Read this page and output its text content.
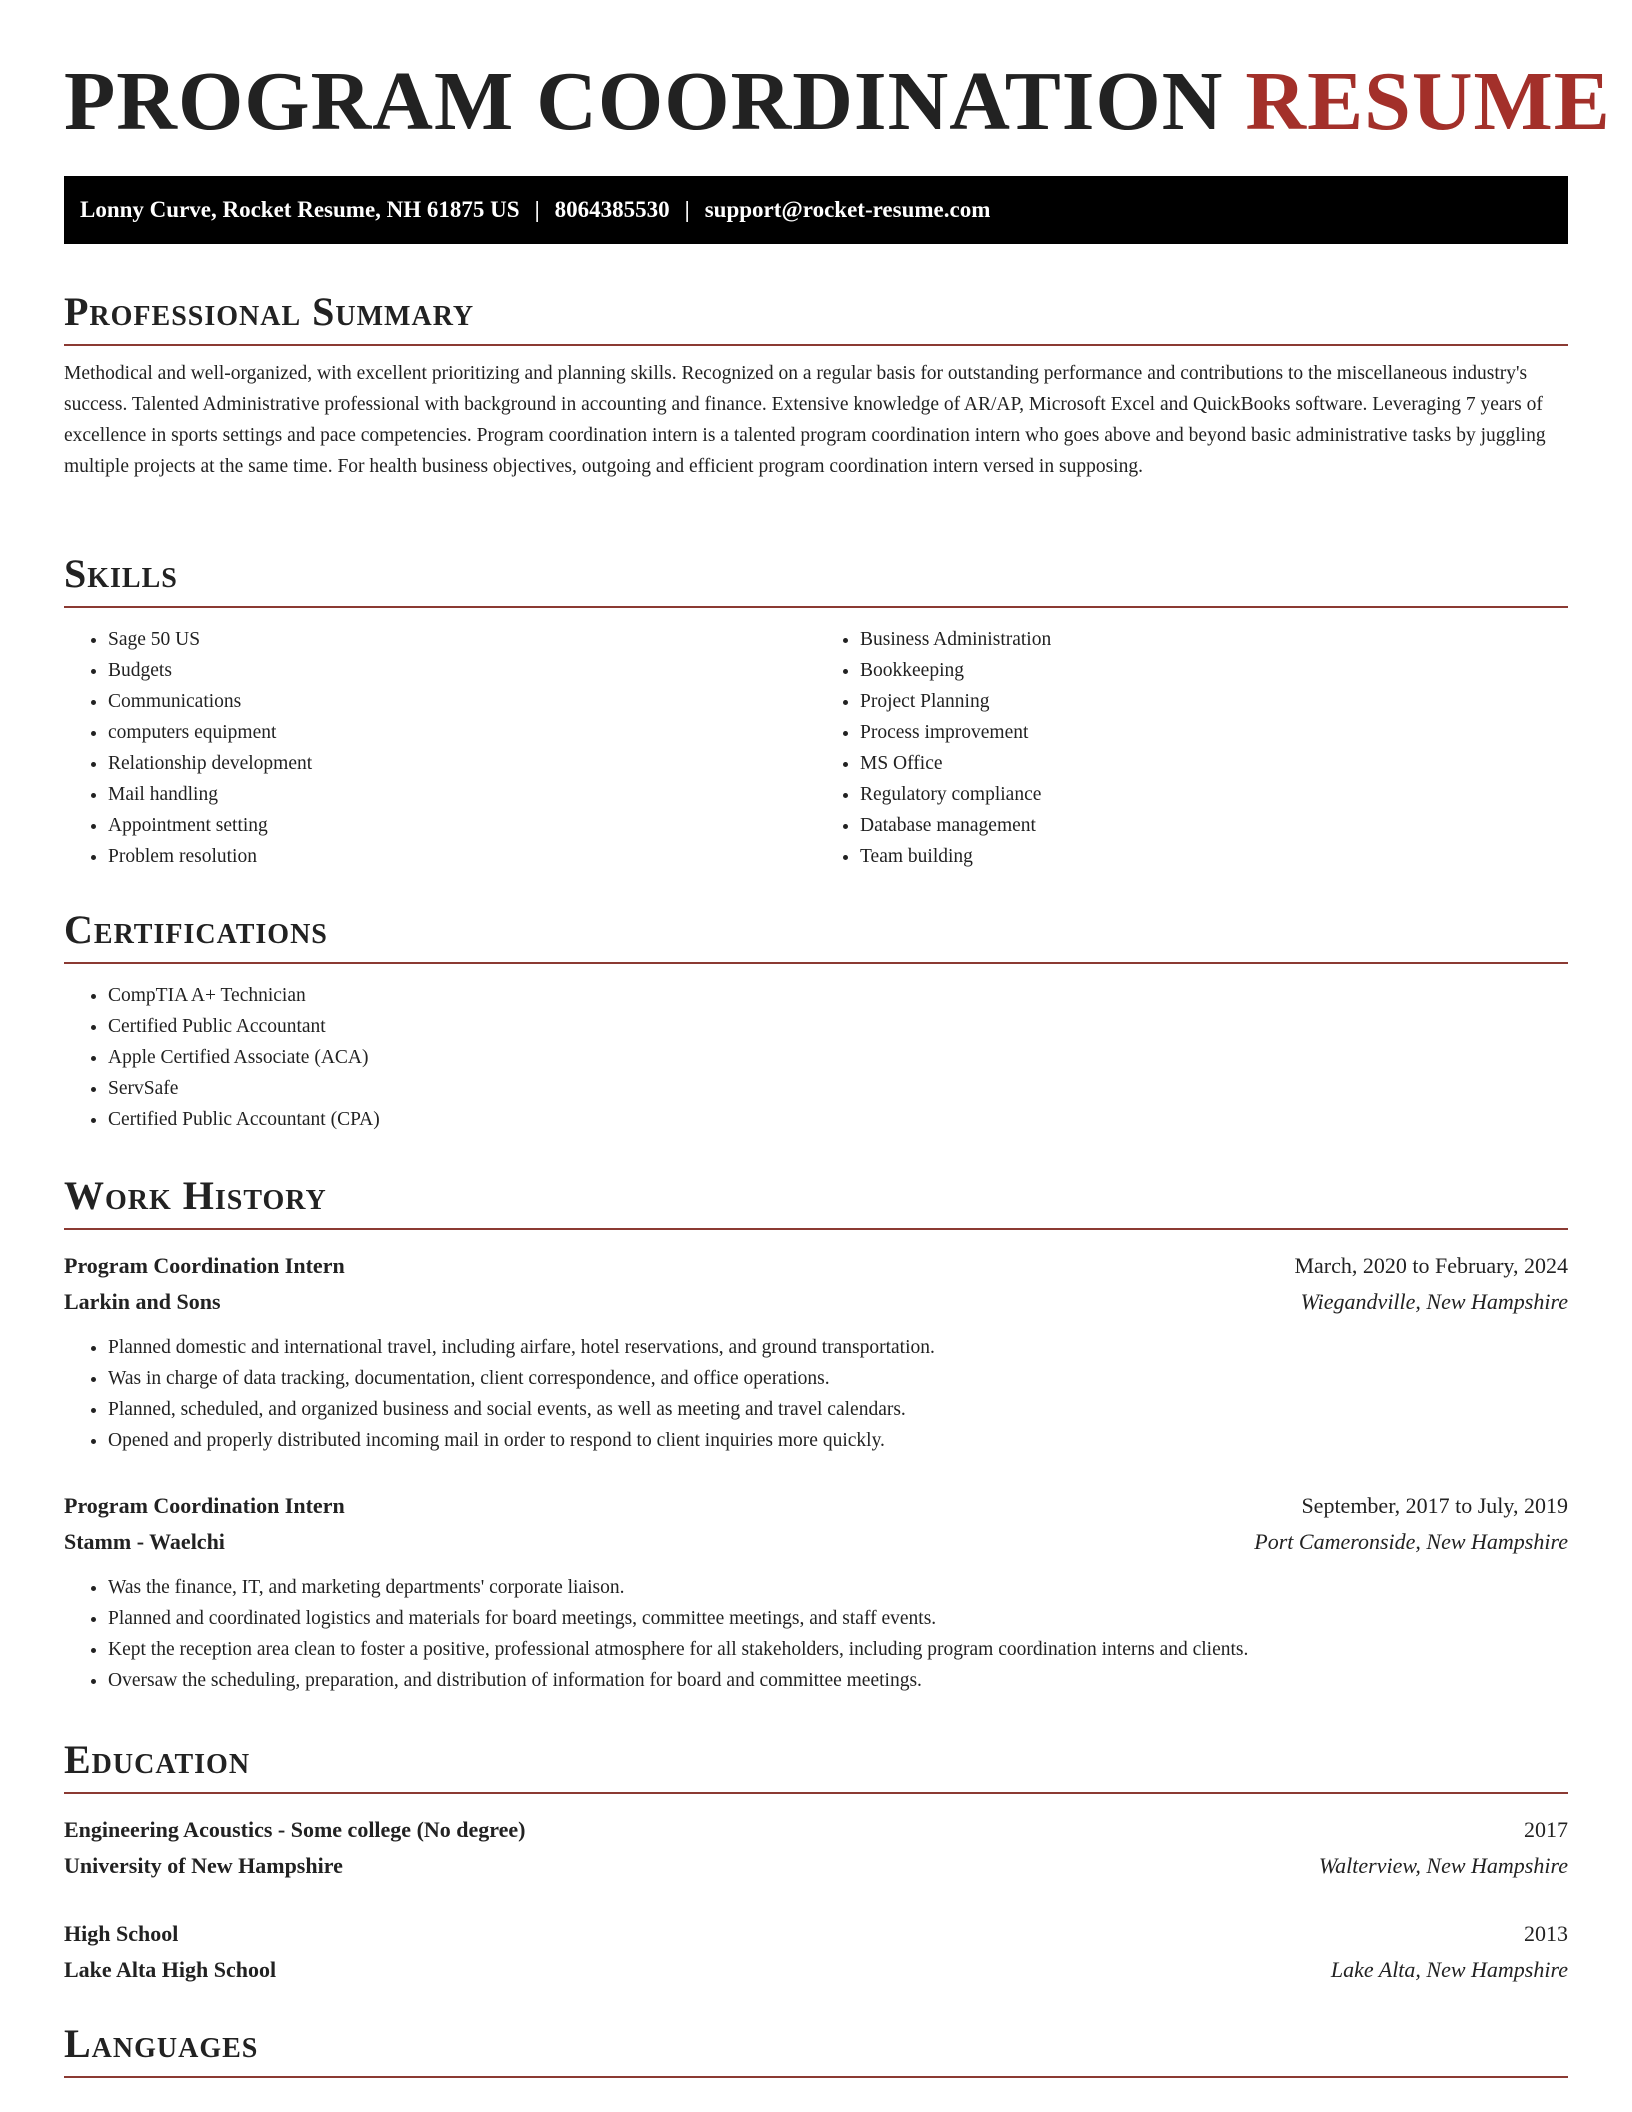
PROGRAM COORDINATION RESUME
Lonny Curve, Rocket Resume, NH 61875 US | 8064385530 | support@rocket-resume.com
Professional Summary

Methodical and well-organized, with excellent prioritizing and planning skills. Recognized on a regular basis for outstanding performance and contributions to the miscellaneous industry's success. Talented Administrative professional with background in accounting and finance. Extensive knowledge of AR/AP, Microsoft Excel and QuickBooks software. Leveraging 7 years of excellence in sports settings and pace competencies. Program coordination intern is a talented program coordination intern who goes above and beyond basic administrative tasks by juggling multiple projects at the same time. For health business objectives, outgoing and efficient program coordination intern versed in supposing.

Skills
• Sage 50 US
• Budgets
• Communications
• computers equipment
• Relationship development
• Mail handling
• Appointment setting
• Problem resolution
• Business Administration
• Bookkeeping
• Project Planning
• Process improvement
• MS Office
• Regulatory compliance
• Database management
• Team building
Certifications
• CompTIA A+ Technician
• Certified Public Accountant
• Apple Certified Associate (ACA)
• ServSafe
• Certified Public Accountant (CPA)
Work History
Program Coordination Intern	March, 2020 to February, 2024
Larkin and Sons	Wiegandville, New Hampshire
• Planned domestic and international travel, including airfare, hotel reservations, and ground transportation.
• Was in charge of data tracking, documentation, client correspondence, and office operations.
• Planned, scheduled, and organized business and social events, as well as meeting and travel calendars.
• Opened and properly distributed incoming mail in order to respond to client inquiries more quickly.
Program Coordination Intern	September, 2017 to July, 2019
Stamm - Waelchi	Port Cameronside, New Hampshire
• Was the finance, IT, and marketing departments' corporate liaison.
• Planned and coordinated logistics and materials for board meetings, committee meetings, and staff events.
• Kept the reception area clean to foster a positive, professional atmosphere for all stakeholders, including program coordination interns and clients.
• Oversaw the scheduling, preparation, and distribution of information for board and committee meetings.
Education
Engineering Acoustics - Some college (No degree)	2017
University of New Hampshire	Walterview, New Hampshire
High School	2013
Lake Alta High School	Lake Alta, New Hampshire
Languages
